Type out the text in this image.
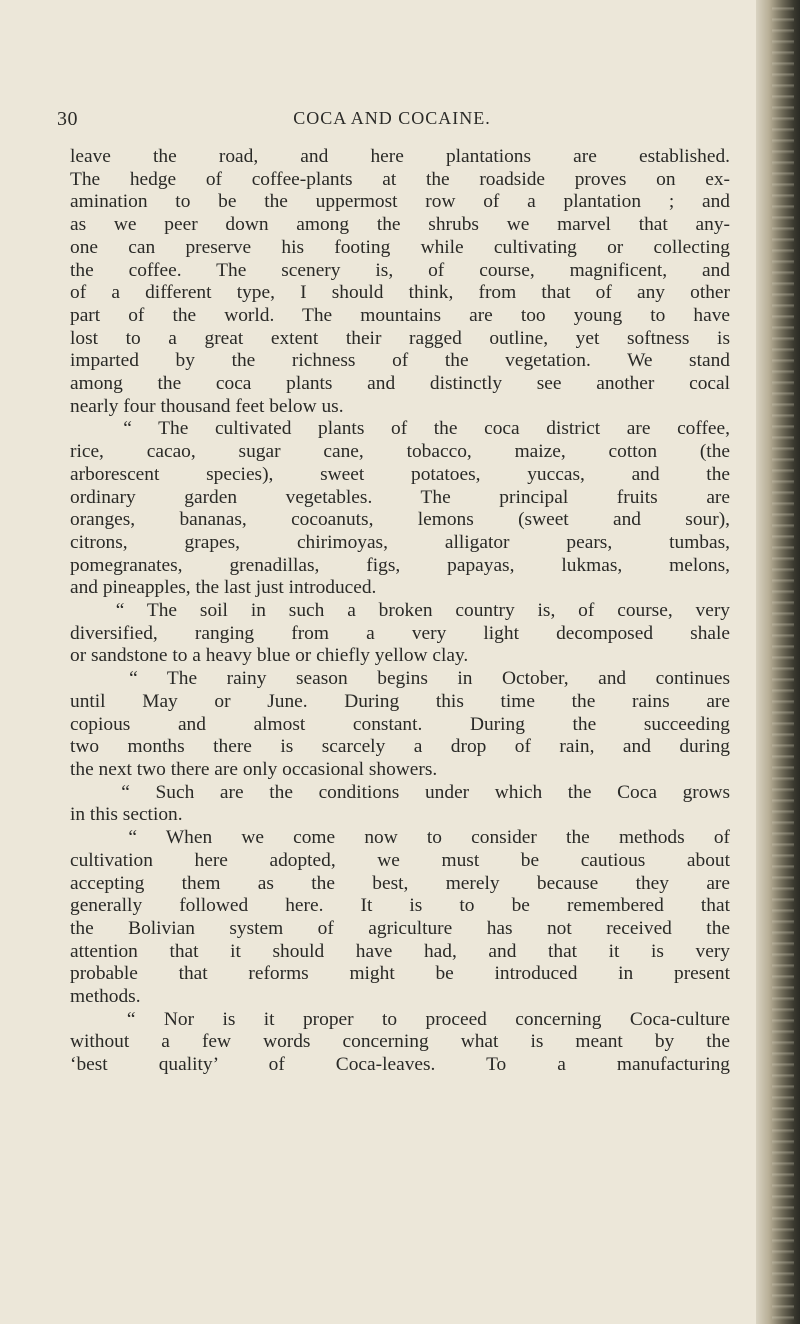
30	COCA AND COCAINE.
leave the road, and here plantations are established.
The hedge of coffee-plants at the roadside proves on ex-
amination to be the uppermost row of a plantation ; and
as we peer down among the shrubs we marvel that any-
one can preserve his footing while cultivating or collecting
the coffee. The scenery is, of course, magnificent, and
of a different type, I should think, from that of any other
part of the world. The mountains are too young to have
lost to a great extent their ragged outline, yet softness is
imparted by the richness of the vegetation. We stand
among the coca plants and distinctly see another cocal
nearly four thousand feet below us.
“ The cultivated plants of the coca district are coffee,
rice, cacao, sugar cane, tobacco, maize, cotton (the
arborescent species), sweet potatoes, yuccas, and the
ordinary garden vegetables. The principal fruits are
oranges, bananas, cocoanuts, lemons (sweet and sour),
citrons, grapes, chirimoyas, alligator pears, tumbas,
pomegranates, grenadillas, figs, papayas, lukmas, melons,
and pineapples, the last just introduced.
“ The soil in such a broken country is, of course, very
diversified, ranging from a very light decomposed shale
or sandstone to a heavy blue or chiefly yellow clay.
“ The rainy season begins in October, and continues
until May or June. During this time the rains are
copious and almost constant. During the succeeding
two months there is scarcely a drop of rain, and during
the next two there are only occasional showers.
“ Such are the conditions under which the Coca grows
in this section.
“ When we come now to consider the methods of
cultivation here adopted, we must be cautious about
accepting them as the best, merely because they are
generally followed here. It is to be remembered that
the Bolivian system of agriculture has not received the
attention that it should have had, and that it is very
probable that reforms might be introduced in present
methods.
“ Nor is it proper to proceed concerning Coca-culture
without a few words concerning what is meant by the
‘best quality’ of Coca-leaves. To a manufacturing
